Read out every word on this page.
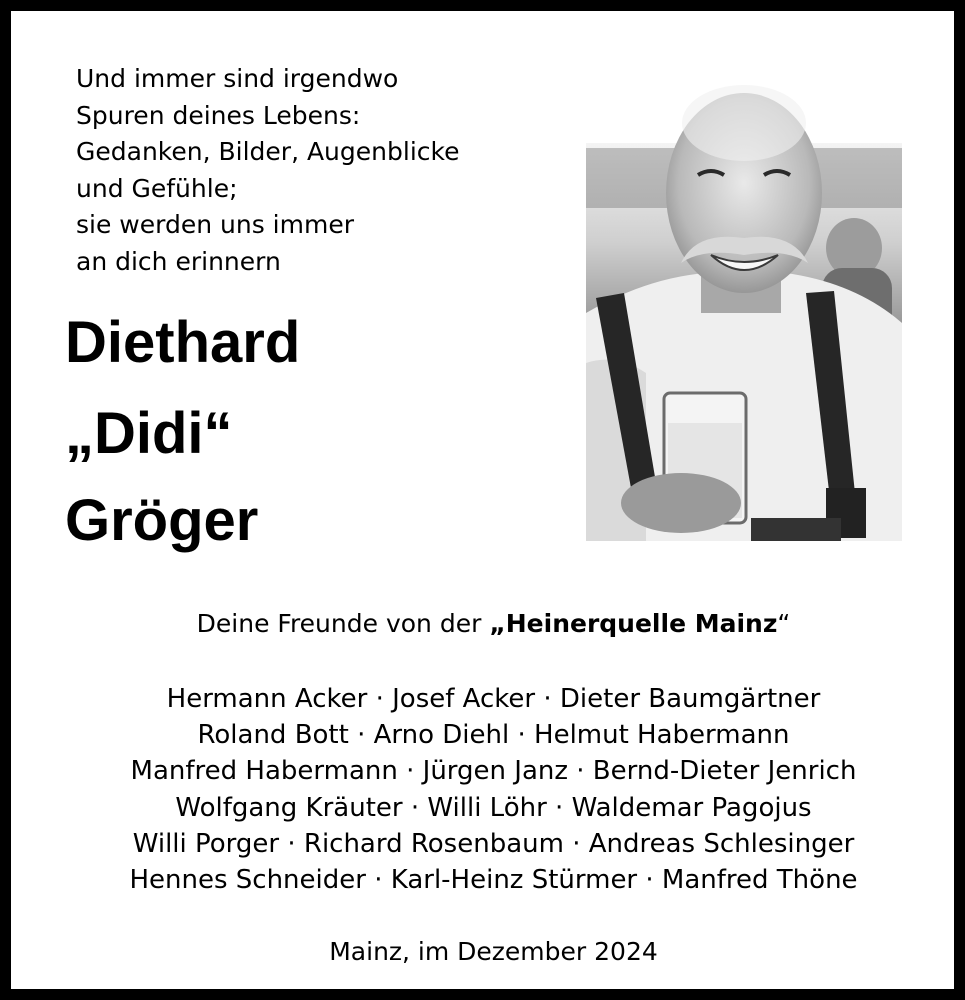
Und immer sind irgendwo
Spuren deines Lebens:
Gedanken, Bilder, Augenblicke
und Gefühle;
sie werden uns immer
an dich erinnern
Diethard
„Didi“
Gröger
Deine Freunde von der „Heinerquelle Mainz“
Hermann Acker · Josef Acker · Dieter Baumgärtner
Roland Bott · Arno Diehl · Helmut Habermann
Manfred Habermann · Jürgen Janz · Bernd-Dieter Jenrich
Wolfgang Kräuter · Willi Löhr · Waldemar Pagojus
Willi Porger · Richard Rosenbaum · Andreas Schlesinger
Hennes Schneider · Karl-Heinz Stürmer · Manfred Thöne
Mainz, im Dezember 2024
